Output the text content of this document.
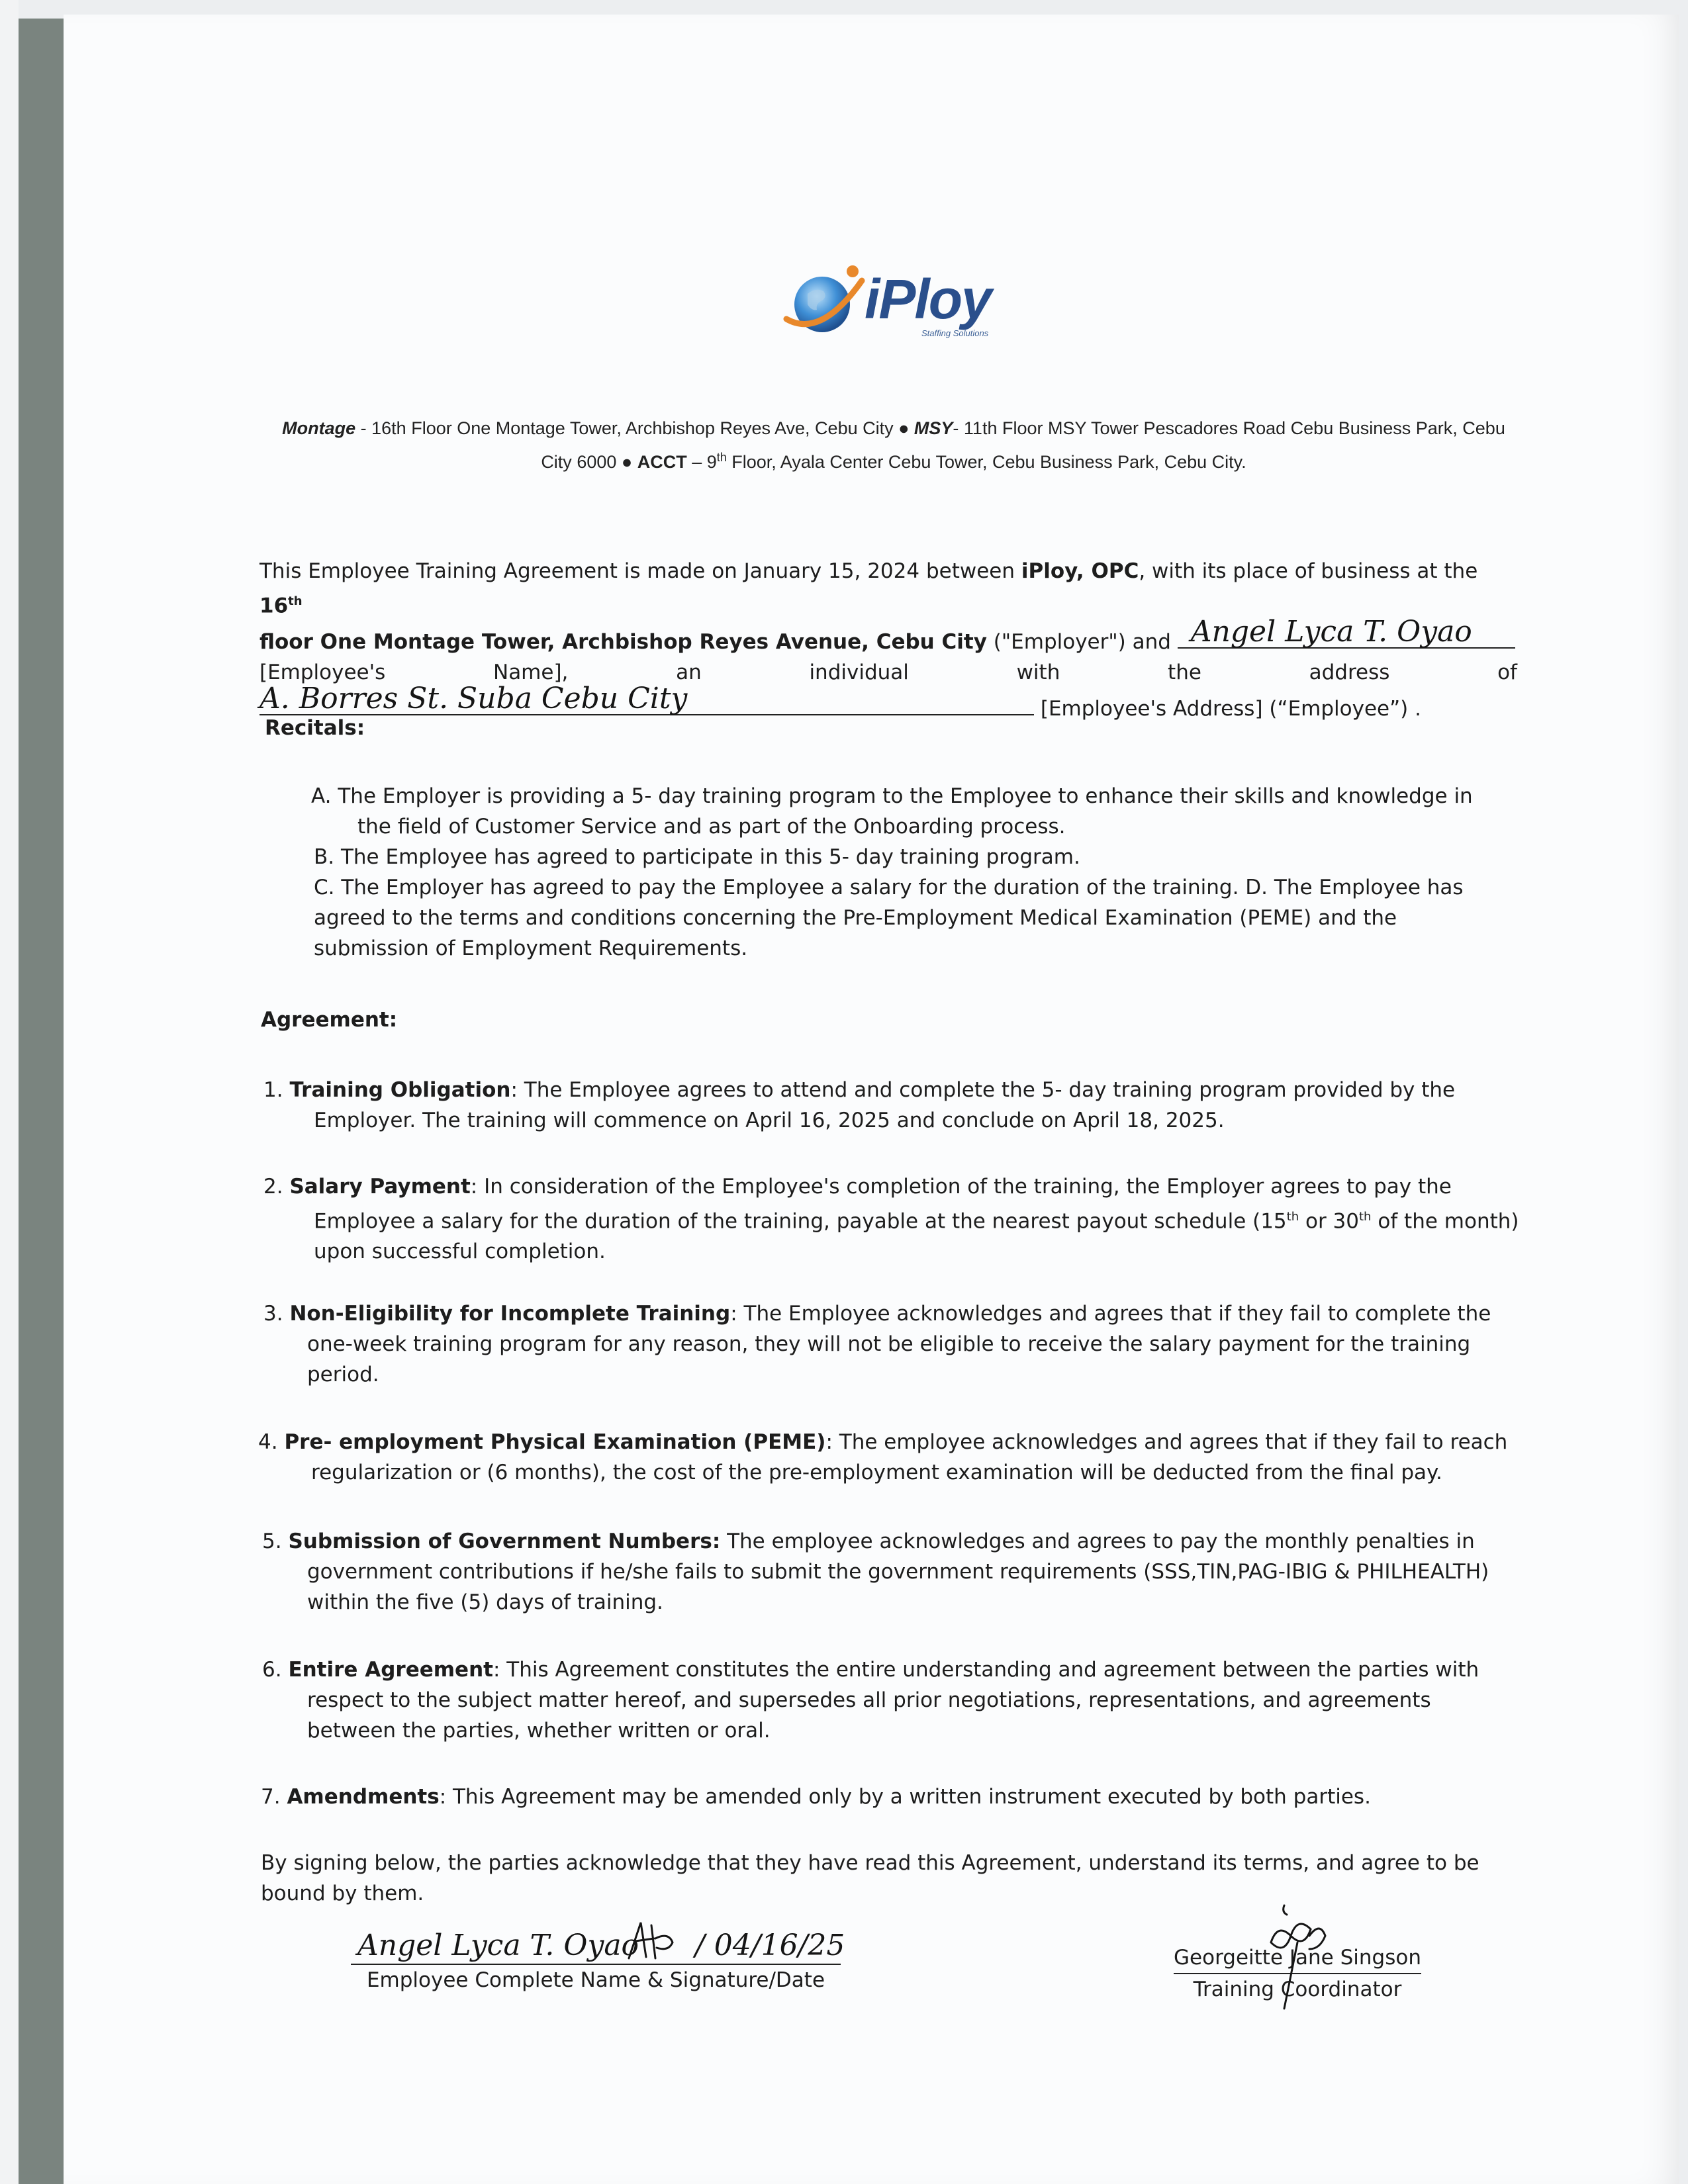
iPloy
Staffing Solutions
Montage - 16th Floor One Montage Tower, Archbishop Reyes Ave, Cebu City ● MSY- 11th Floor MSY Tower Pescadores Road Cebu Business Park, Cebu City 6000 ● ACCT – 9th Floor, Ayala Center Cebu Tower, Cebu Business Park, Cebu City.
This Employee Training Agreement is made on January 15, 2024 between iPloy, OPC, with its place of business at the 16th
floor One Montage Tower, Archbishop Reyes Avenue, Cebu City ("Employer") and Angel Lyca T. Oyao
[Employee's	Name],	an	individual	with	the	address	of
A. Borres St. Suba Cebu City	[Employee's Address] (“Employee”) .
Recitals:
A. The Employer is providing a 5- day training program to the Employee to enhance their skills and knowledge in
the field of Customer Service and as part of the Onboarding process.
B. The Employee has agreed to participate in this 5- day training program.
C. The Employer has agreed to pay the Employee a salary for the duration of the training. D. The Employee has
agreed to the terms and conditions concerning the Pre-Employment Medical Examination (PEME) and the
submission of Employment Requirements.
Agreement:
1. Training Obligation: The Employee agrees to attend and complete the 5- day training program provided by the
Employer. The training will commence on April 16, 2025 and conclude on April 18, 2025.
2. Salary Payment: In consideration of the Employee's completion of the training, the Employer agrees to pay the
Employee a salary for the duration of the training, payable at the nearest payout schedule (15th or 30th of the month)
upon successful completion.
3. Non-Eligibility for Incomplete Training: The Employee acknowledges and agrees that if they fail to complete the
one-week training program for any reason, they will not be eligible to receive the salary payment for the training
period.
4. Pre- employment Physical Examination (PEME): The employee acknowledges and agrees that if they fail to reach
regularization or (6 months), the cost of the pre-employment examination will be deducted from the final pay.
5. Submission of Government Numbers: The employee acknowledges and agrees to pay the monthly penalties in
government contributions if he/she fails to submit the government requirements (SSS,TIN,PAG-IBIG & PHILHEALTH)
within the five (5) days of training.
6. Entire Agreement: This Agreement constitutes the entire understanding and agreement between the parties with
respect to the subject matter hereof, and supersedes all prior negotiations, representations, and agreements
between the parties, whether written or oral.
7. Amendments: This Agreement may be amended only by a written instrument executed by both parties.
By signing below, the parties acknowledge that they have read this Agreement, understand its terms, and agree to be
bound by them.
Angel Lyca T. Oyao / 04/16/25
Employee Complete Name & Signature/Date
Georgeitte Jane Singson
Training Coordinator
